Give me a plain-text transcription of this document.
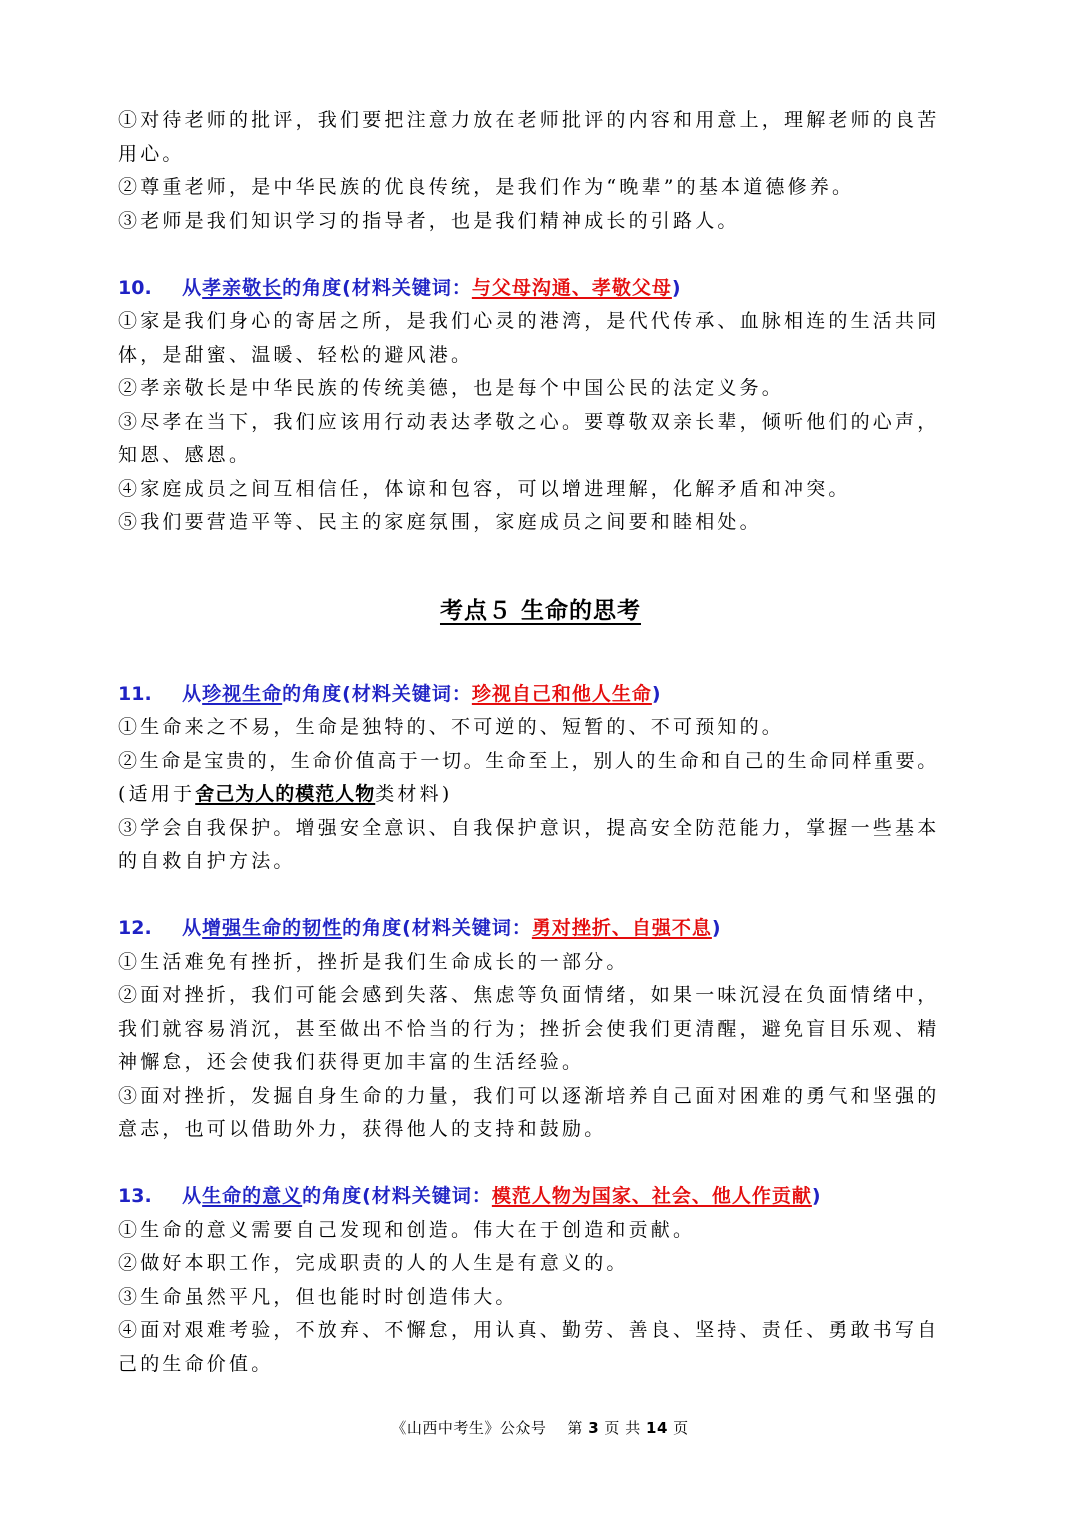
①对待老师的批评，我们要把注意力放在老师批评的内容和用意上，理解老师的良苦

用心。

②尊重老师，是中华民族的优良传统，是我们作为“晚辈”的基本道德修养。

③老师是我们知识学习的指导者，也是我们精神成长的引路人。

10. 从孝亲敬长的角度(材料关键词：与父母沟通、孝敬父母)

①家是我们身心的寄居之所，是我们心灵的港湾，是代代传承、血脉相连的生活共同

体，是甜蜜、温暖、轻松的避风港。

②孝亲敬长是中华民族的传统美德，也是每个中国公民的法定义务。

③尽孝在当下，我们应该用行动表达孝敬之心。要尊敬双亲长辈，倾听他们的心声，

知恩、感恩。

④家庭成员之间互相信任，体谅和包容，可以增进理解，化解矛盾和冲突。

⑤我们要营造平等、民主的家庭氛围，家庭成员之间要和睦相处。

考点５ 生命的思考

11. 从珍视生命的角度(材料关键词：珍视自己和他人生命)

①生命来之不易，生命是独特的、不可逆的、短暂的、不可预知的。

②生命是宝贵的，生命价值高于一切。生命至上，别人的生命和自己的生命同样重要。

(适用于舍己为人的模范人物类材料)

③学会自我保护。增强安全意识、自我保护意识，提高安全防范能力，掌握一些基本

的自救自护方法。

12. 从增强生命的韧性的角度(材料关键词：勇对挫折、自强不息)

①生活难免有挫折，挫折是我们生命成长的一部分。

②面对挫折，我们可能会感到失落、焦虑等负面情绪，如果一味沉浸在负面情绪中，

我们就容易消沉，甚至做出不恰当的行为；挫折会使我们更清醒，避免盲目乐观、精

神懈怠，还会使我们获得更加丰富的生活经验。

③面对挫折，发掘自身生命的力量，我们可以逐渐培养自己面对困难的勇气和坚强的

意志，也可以借助外力，获得他人的支持和鼓励。

13. 从生命的意义的角度(材料关键词：模范人物为国家、社会、他人作贡献)

①生命的意义需要自己发现和创造。伟大在于创造和贡献。

②做好本职工作，完成职责的人的人生是有意义的。

③生命虽然平凡，但也能时时创造伟大。

④面对艰难考验，不放弃、不懈怠，用认真、勤劳、善良、坚持、责任、勇敢书写自

己的生命价值。

《山西中考生》公众号 第 3 页 共 14 页
